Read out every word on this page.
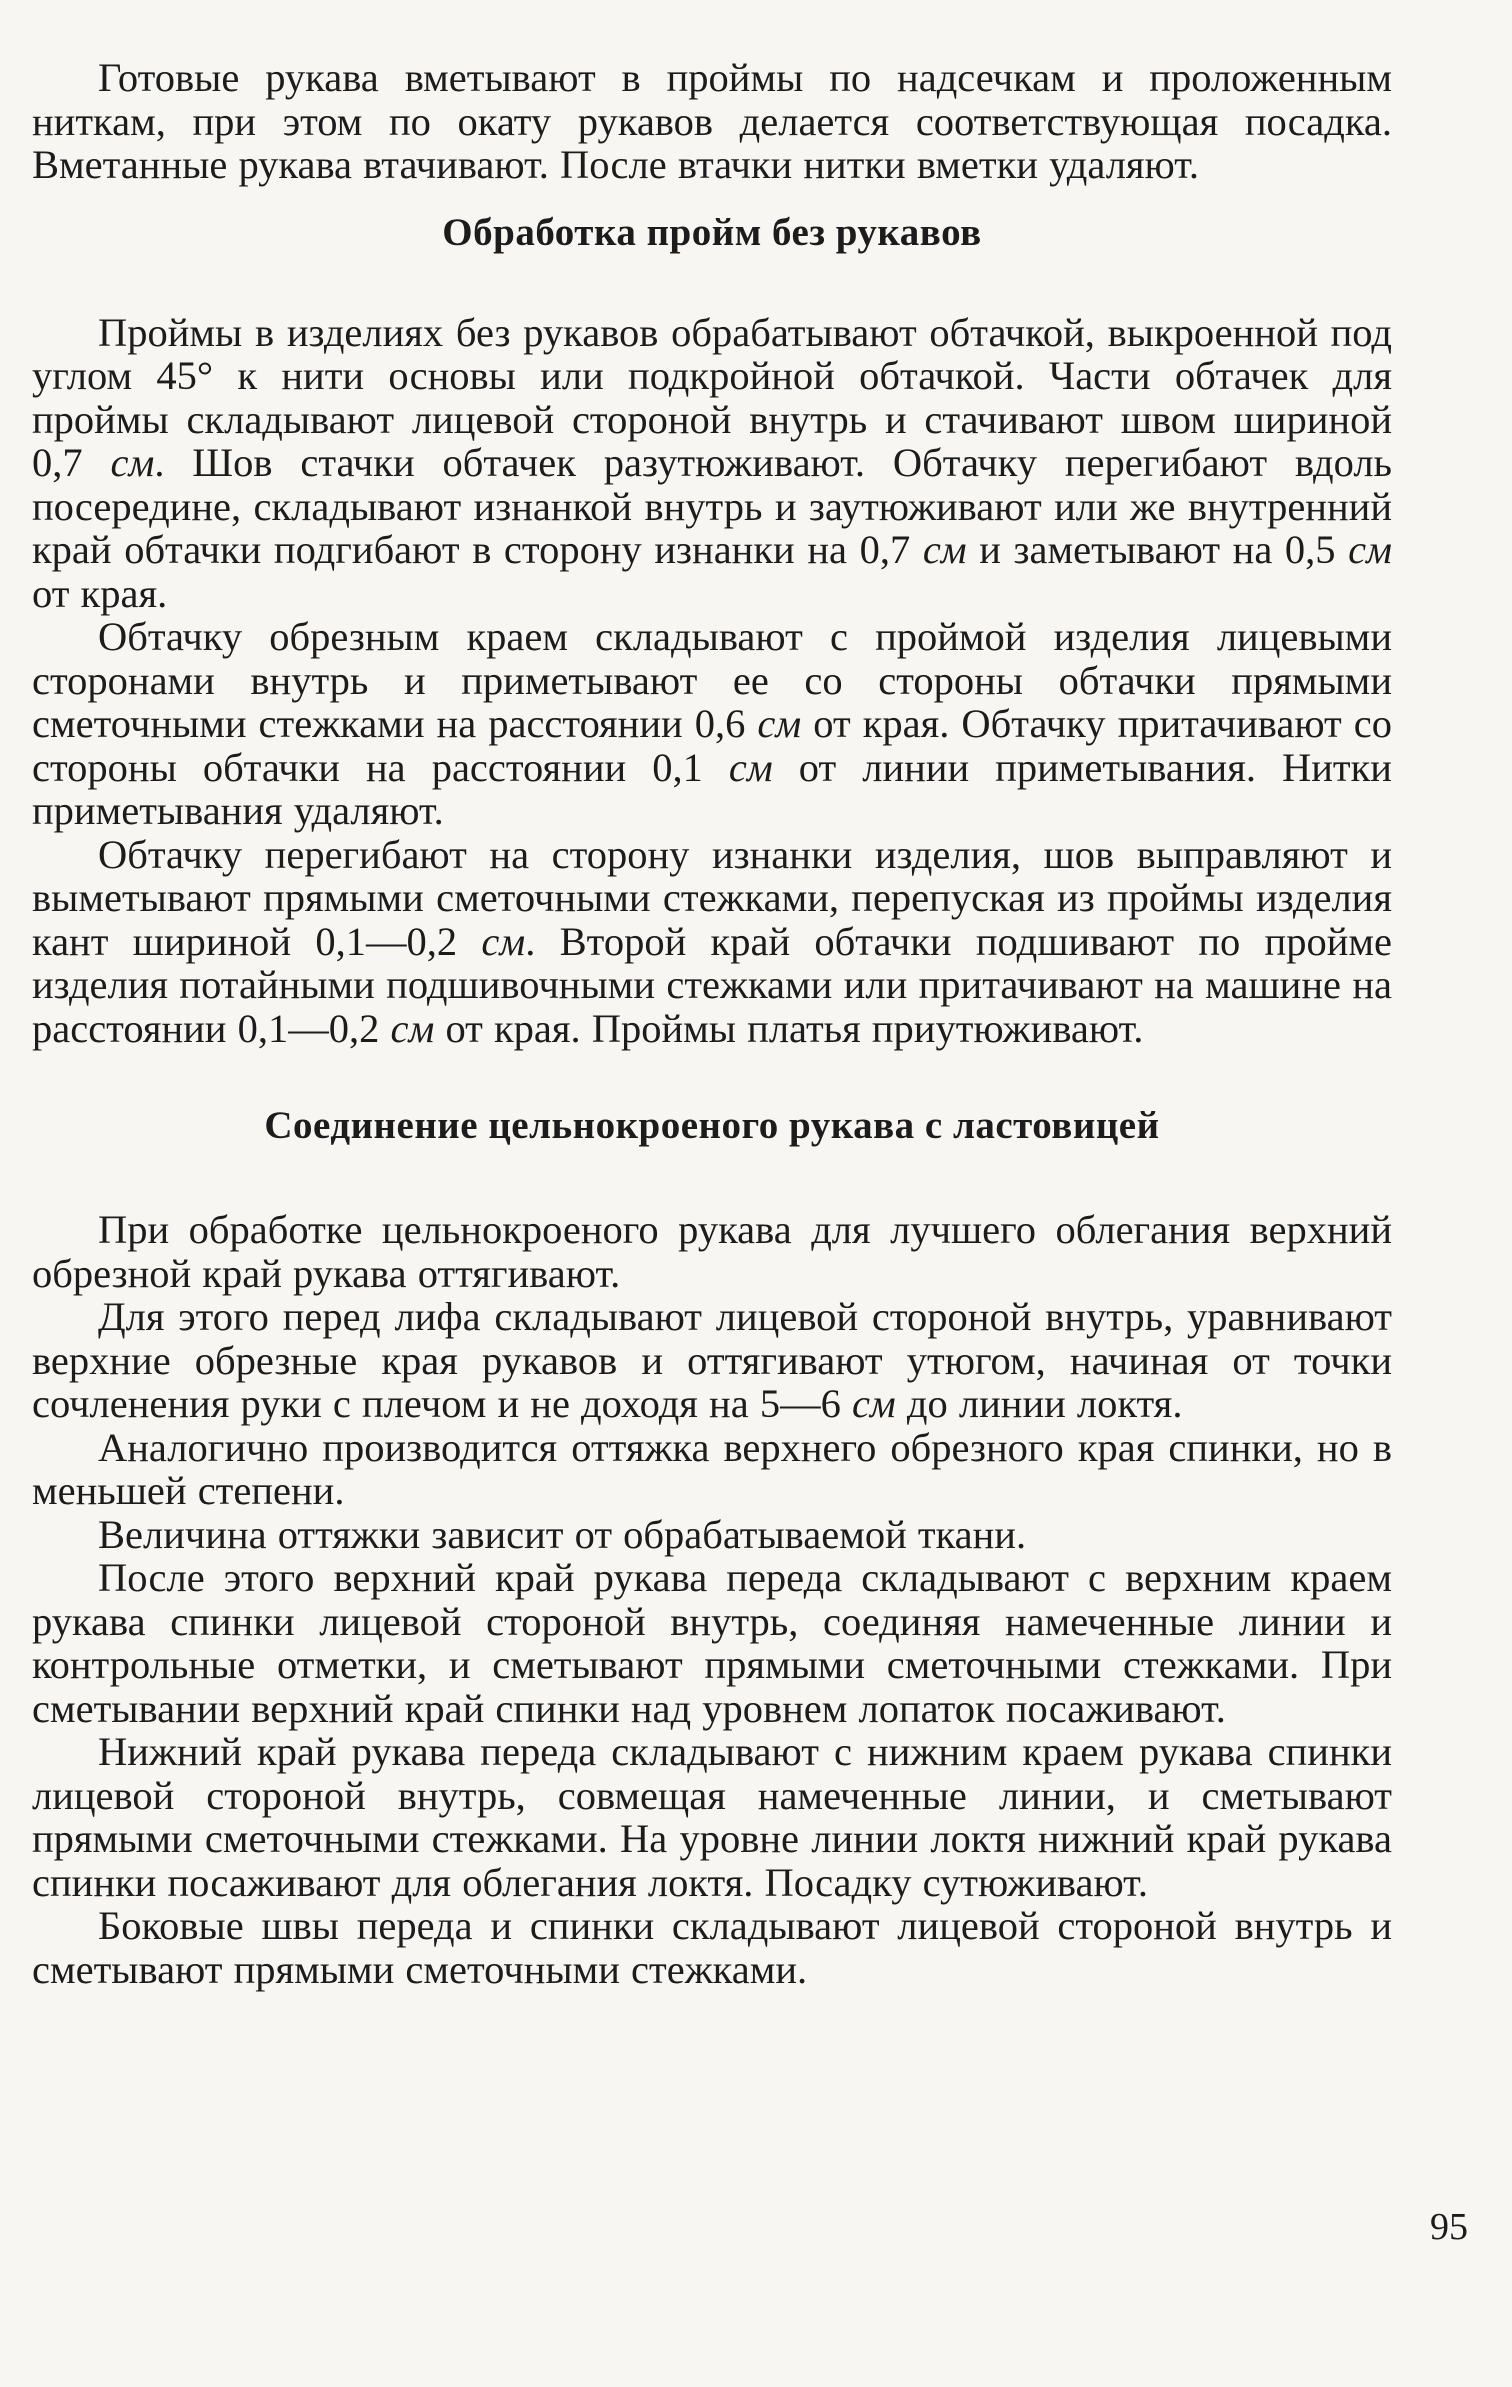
Готовые рукава вметывают в проймы по надсечкам и проложенным ниткам, при этом по окату рукавов делается соответствующая посадка. Вметанные рукава втачивают. После втачки нитки вметки удаляют.

Обработка пройм без рукавов

Проймы в изделиях без рукавов обрабатывают обтачкой, выкроенной под углом 45° к нити основы или подкройной обтачкой. Части обтачек для проймы складывают лицевой стороной внутрь и стачивают швом шириной 0,7 см. Шов стачки обтачек разутюживают. Обтачку перегибают вдоль посередине, складывают изнанкой внутрь и заутюживают или же внутренний край обтачки подгибают в сторону изнанки на 0,7 см и заметывают на 0,5 см от края.

Обтачку обрезным краем складывают с проймой изделия лицевыми сторонами внутрь и приметывают ее со стороны обтачки прямыми сметочными стежками на расстоянии 0,6 см от края. Обтачку притачивают со стороны обтачки на расстоянии 0,1 см от линии приметывания. Нитки приметывания удаляют.

Обтачку перегибают на сторону изнанки изделия, шов выправляют и выметывают прямыми сметочными стежками, перепуская из проймы изделия кант шириной 0,1—0,2 см. Второй край обтачки подшивают по пройме изделия потайными подшивочными стежками или притачивают на машине на расстоянии 0,1—0,2 см от края. Проймы платья приутюживают.

Соединение цельнокроеного рукава с ластовицей

При обработке цельнокроеного рукава для лучшего облегания верхний обрезной край рукава оттягивают.

Для этого перед лифа складывают лицевой стороной внутрь, уравнивают верхние обрезные края рукавов и оттягивают утюгом, начиная от точки сочленения руки с плечом и не доходя на 5—6 см до линии локтя.

Аналогично производится оттяжка верхнего обрезного края спинки, но в меньшей степени.

Величина оттяжки зависит от обрабатываемой ткани.

После этого верхний край рукава переда складывают с верхним краем рукава спинки лицевой стороной внутрь, соединяя намеченные линии и контрольные отметки, и сметывают прямыми сметочными стежками. При сметывании верхний край спинки над уровнем лопаток посаживают.

Нижний край рукава переда складывают с нижним краем рукава спинки лицевой стороной внутрь, совмещая намеченные линии, и сметывают прямыми сметочными стежками. На уровне линии локтя нижний край рукава спинки посаживают для облегания локтя. Посадку сутюживают.

Боковые швы переда и спинки складывают лицевой стороной внутрь и сметывают прямыми сметочными стежками.

95
